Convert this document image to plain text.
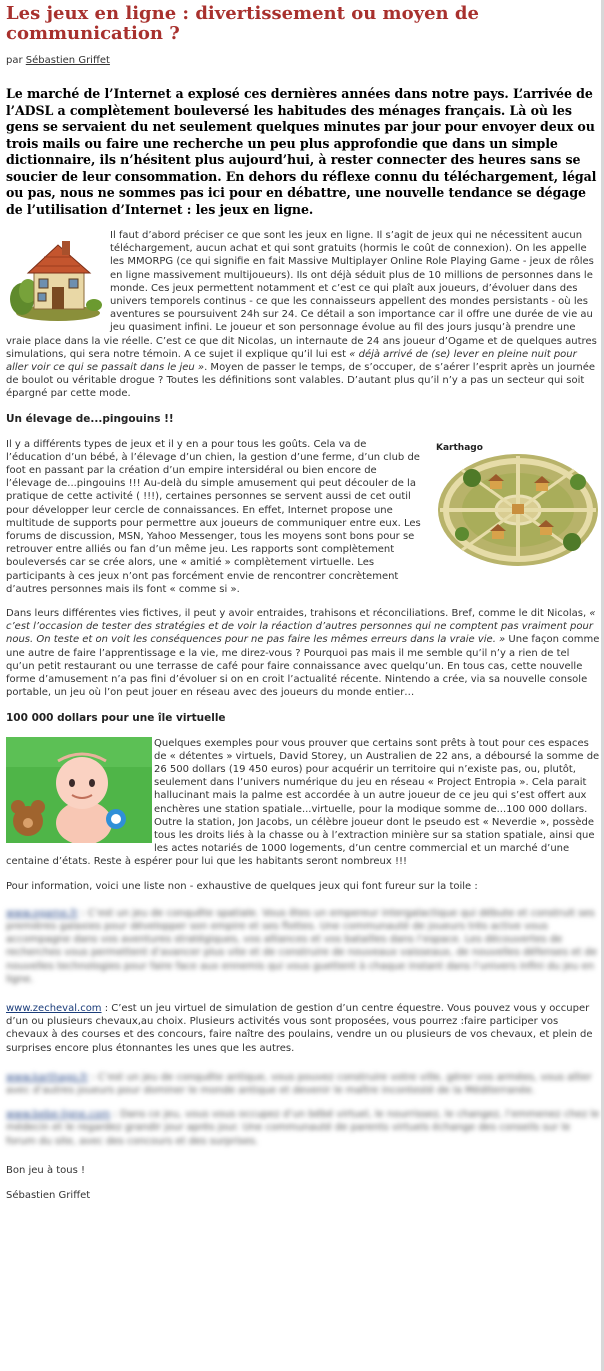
Les jeux en ligne : divertissement ou moyen de communication ?
par Sébastien Griffet

Le marché de l’Internet a explosé ces dernières années dans notre pays. L’arrivée de l’ADSL a complètement bouleversé les habitudes des ménages français. Là où les gens se servaient du net seulement quelques minutes par jour pour envoyer deux ou trois mails ou faire une recherche un peu plus approfondie que dans un simple dictionnaire, ils n’hésitent plus aujourd’hui, à rester connecter des heures sans se soucier de leur consommation. En dehors du réflexe connu du téléchargement, légal ou pas, nous ne sommes pas ici pour en débattre, une nouvelle tendance se dégage de l’utilisation d’Internet : les jeux en ligne.

Il faut d’abord préciser ce que sont les jeux en ligne. Il s’agit de jeux qui ne nécessitent aucun téléchargement, aucun achat et qui sont gratuits (hormis le coût de connexion). On les appelle les MMORPG (ce qui signifie en fait Massive Multiplayer Online Role Playing Game - jeux de rôles en ligne massivement multijoueurs). Ils ont déjà séduit plus de 10 millions de personnes dans le monde. Ces jeux permettent notamment et c’est ce qui plaît aux joueurs, d’évoluer dans des univers temporels continus - ce que les connaisseurs appellent des mondes persistants - où les aventures se poursuivent 24h sur 24. Ce détail a son importance car il offre une durée de vie au jeu quasiment infini. Le joueur et son personnage évolue au fil des jours jusqu’à prendre une vraie place dans la vie réelle. C’est ce que dit Nicolas, un internaute de 24 ans joueur d’Ogame et de quelques autres simulations, qui sera notre témoin. A ce sujet il explique qu’il lui est « déjà arrivé de (se) lever en pleine nuit pour aller voir ce qui se passait dans le jeu ». Moyen de passer le temps, de s’occuper, de s’aérer l’esprit après un journée de boulot ou véritable drogue ? Toutes les définitions sont valables. D’autant plus qu’il n’y a pas un secteur qui soit épargné par cette mode.

Un élevage de...pingouins !!
Karthago

Il y a différents types de jeux et il y en a pour tous les goûts. Cela va de l’éducation d’un bébé, à l’élevage d’un chien, la gestion d’une ferme, d’un club de foot en passant par la création d’un empire intersidéral ou bien encore de l’élevage de...pingouins !!! Au-delà du simple amusement qui peut découler de la pratique de cette activité ( !!!), certaines personnes se servent aussi de cet outil pour développer leur cercle de connaissances. En effet, Internet propose une multitude de supports pour permettre aux joueurs de communiquer entre eux. Les forums de discussion, MSN, Yahoo Messenger, tous les moyens sont bons pour se retrouver entre alliés ou fan d’un même jeu. Les rapports sont complètement bouleversés car se crée alors, une « amitié » complètement virtuelle. Les participants à ces jeux n’ont pas forcément envie de rencontrer concrètement d’autres personnes mais ils font « comme si ».

Dans leurs différentes vies fictives, il peut y avoir entraides, trahisons et réconciliations. Bref, comme le dit Nicolas, « c’est l’occasion de tester des stratégies et de voir la réaction d’autres personnes qui ne comptent pas vraiment pour nous. On teste et on voit les conséquences pour ne pas faire les mêmes erreurs dans la vraie vie. » Une façon comme une autre de faire l’apprentissage e la vie, me direz-vous ? Pourquoi pas mais il me semble qu’il n’y a rien de tel qu’un petit restaurant ou une terrasse de café pour faire connaissance avec quelqu’un. En tous cas, cette nouvelle forme d’amusement n’a pas fini d’évoluer si on en croit l’actualité récente. Nintendo a crée, via sa nouvelle console portable, un jeu où l’on peut jouer en réseau avec des joueurs du monde entier…

100 000 dollars pour une île virtuelle

Quelques exemples pour vous prouver que certains sont prêts à tout pour ces espaces de « détentes » virtuels, David Storey, un Australien de 22 ans, a déboursé la somme de 26 500 dollars (19 450 euros) pour acquérir un territoire qui n’existe pas, ou, plutôt, seulement dans l’univers numérique du jeu en réseau « Project Entropia ». Cela parait hallucinant mais la palme est accordée à un autre joueur de ce jeu qui s’est offert aux enchères une station spatiale...virtuelle, pour la modique somme de...100 000 dollars. Outre la station, Jon Jacobs, un célèbre joueur dont le pseudo est « Neverdie », possède tous les droits liés à la chasse ou à l’extraction minière sur sa station spatiale, ainsi que les actes notariés de 1000 logements, d’un centre commercial et un marché d’une centaine d’états. Reste à espérer pour lui que les habitants seront nombreux !!!

Pour information, voici une liste non - exhaustive de quelques jeux qui font fureur sur la toile :

www.ogame.fr : C’est un jeu de conquête spatiale. Vous êtes un empereur intergalactique qui débute et construit ses premières galaxies pour développer son empire et ses flottes. Une communauté de joueurs très active vous accompagne dans vos aventures stratégiques, vos alliances et vos batailles dans l’espace. Les découvertes de recherches vous permettent d’avancer plus vite et de construire de nouveaux vaisseaux, de nouvelles défenses et de nouvelles technologies pour faire face aux ennemis qui vous guettent à chaque instant dans l’univers infini du jeu en ligne.

www.zecheval.com : C’est un jeu virtuel de simulation de gestion d’un centre équestre. Vous pouvez vous y occuper d’un ou plusieurs chevaux,au choix. Plusieurs activités vous sont proposées, vous pourrez :faire participer vos chevaux à des courses et des concours, faire naître des poulains, vendre un ou plusieurs de vos chevaux, et plein de surprises encore plus étonnantes les unes que les autres.

www.karthago.fr : C’est un jeu de conquête antique, vous pouvez construire votre ville, gérer vos armées, vous allier avec d’autres joueurs pour dominer le monde antique et devenir le maître incontesté de la Méditerranée.

www.bebe-ligne.com : Dans ce jeu, vous vous occupez d’un bébé virtuel, le nourrissez, le changez, l’emmenez chez le médecin et le regardez grandir jour après jour. Une communauté de parents virtuels échange des conseils sur le forum du site, avec des concours et des surprises.

Bon jeu à tous !

Sébastien Griffet
